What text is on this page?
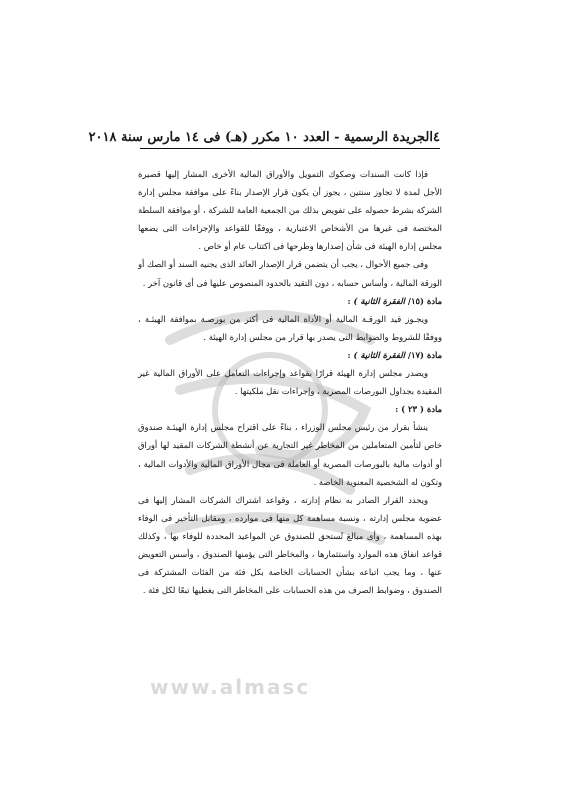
٤
الجريدة الرسمية - العدد ١٠ مكرر (هـ) فى ١٤ مارس سنة ٢٠١٨

فإذا كانت السندات وصكوك التمويل والأوراق المالية الأخرى المشار إليها قصيرة الأجل لمدة لا تجاوز سنتين ، يجوز أن يكون قرار الإصدار بناءً على موافقة مجلس إدارة الشركة بشرط حصوله على تفويض بذلك من الجمعية العامة للشركة ، أو موافقة السلطة المختصة فى غيرها من الأشخاص الاعتبارية ، ووفقًا للقواعد والإجراءات التى يضعها مجلس إدارة الهيئة فى شأن إصدارها وطرحها فى اكتتاب عام أو خاص .

وفى جميع الأحوال ، يجب أن يتضمن قرار الإصدار العائد الذى يجنيه السند أو الصك أو الورقة المالية ، وأساس حسابه ، دون التقيد بالحدود المنصوص عليها فى أى قانون آخر .

مادة (١٥/ الفقرة الثانية ) :

ويجـوز قيد الورقـة المالية أو الأداة المالية فى أكثر من بورصـة بموافقة الهيئـة ، ووفقًا للشروط والضوابط التى يصدر بها قرار من مجلس إدارة الهيئة .

مادة (١٧/ الفقرة الثانية ) :

ويصدر مجلس إدارة الهيئة قرارًا بقواعد وإجراءات التعامل على الأوراق المالية غير المقيدة بجداول البورصات المصرية ، وإجراءات نقل ملكيتها .

مادة ( ٢٣ ) :

ينشأ بقرار من رئيس مجلس الوزراء ، بناءً على اقتراح مجلس إدارة الهيئـة صندوق خاص لتأمين المتعاملين من المخاطر غير التجارية عن أنشطة الشركات المقيد لها أوراق أو أدوات مالية بالبورصات المصرية أو العاملة فى مجال الأوراق المالية والأدوات المالية ، وتكون له الشخصية المعنوية الخاصة .

ويحدد القرار الصادر به نظام إدارته ، وقواعد اشتراك الشركات المشار إليها فى عضوية مجلس إدارته ، ونسبة مساهمة كل منها فى موارده ، ومقابل التأخير فى الوفاء بهذه المساهمة ، وأى مبالغ تُستحق للصندوق عن المواعيد المحددة للوفاء بها ، وكذلك قواعد انفاق هذه الموارد واستثمارها ، والمخاطر التى يؤمنها الصندوق ، وأسس التعويض عنها ، وما يجب اتباعه بشأن الحسابات الخاصة بكل فئة من الفئات المشتركة فى الصندوق ، وضوابط الصرف من هذه الحسابات على المخاطر التى يغطيها تبعًا لكل فئة .

www.almasc
